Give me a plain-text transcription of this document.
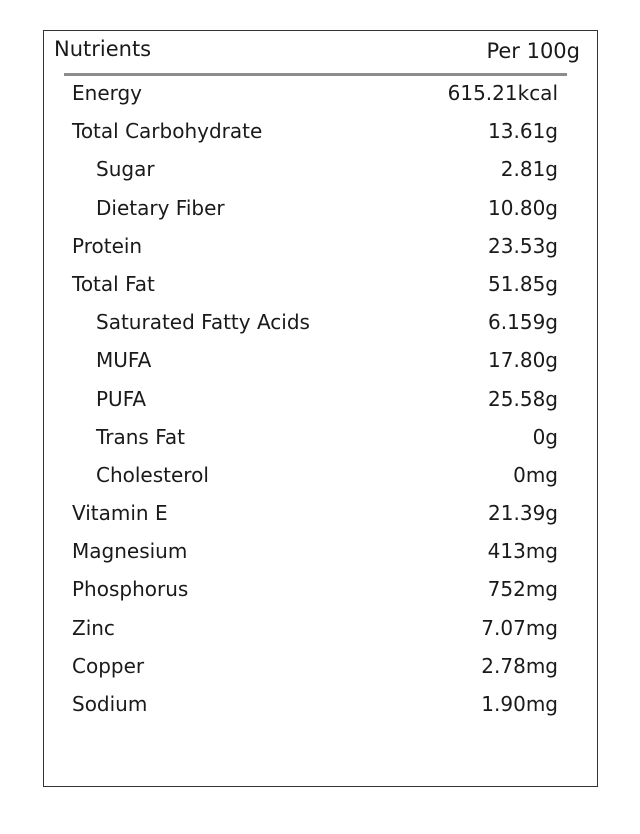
Nutrients	Per 100g
Energy	615.21kcal
Total Carbohydrate	13.61g
Sugar	2.81g
Dietary Fiber	10.80g
Protein	23.53g
Total Fat	51.85g
Saturated Fatty Acids	6.159g
MUFA	17.80g
PUFA	25.58g
Trans Fat	0g
Cholesterol	0mg
Vitamin E	21.39g
Magnesium	413mg
Phosphorus	752mg
Zinc	7.07mg
Copper	2.78mg
Sodium	1.90mg
